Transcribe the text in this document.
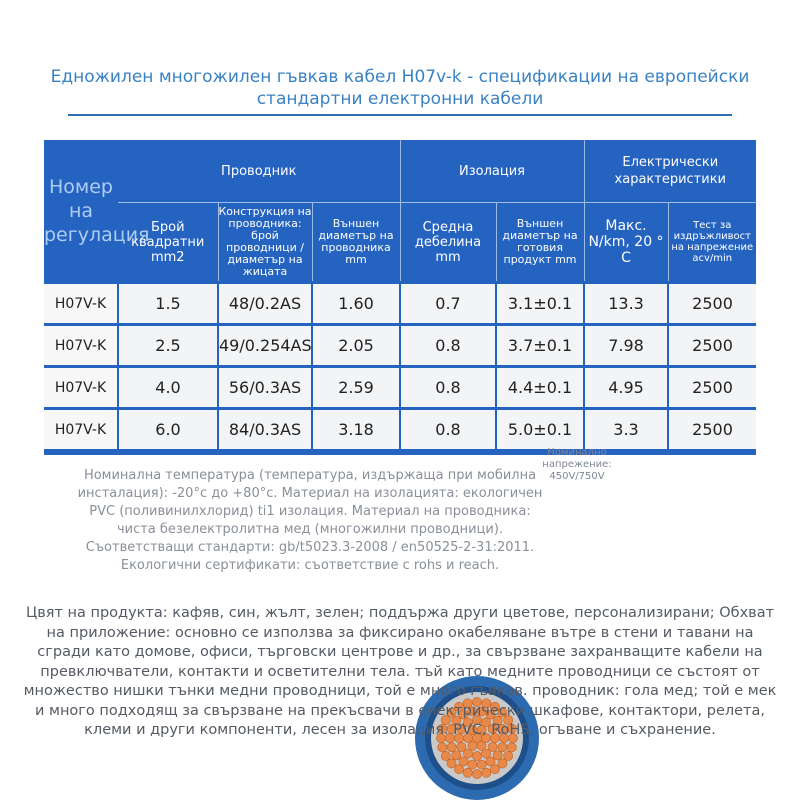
Едножилен многожилен гъвкав кабел H07v-k - спецификации на европейски
стандартни електронни кабели
Номер на регулация	Проводник			Изолация		Електрически характеристики	
	Брой квадратни mm2	Конструкция на проводника: брой проводници / диаметър на жицата	Външен диаметър на проводника mm	Средна дебелина mm	Външен диаметър на готовия продукт mm	Макс. N/km, 20 ° C	Тест за издръжливост на напрежение acv/min
H07V-K	1.5	48/0.2AS	1.60	0.7	3.1±0.1	13.3	2500
H07V-K	2.5	49/0.254AS	2.05	0.8	3.7±0.1	7.98	2500
H07V-K	4.0	56/0.3AS	2.59	0.8	4.4±0.1	4.95	2500
H07V-K	6.0	84/0.3AS	3.18	0.8	5.0±0.1	3.3	2500

Номинално
напрежение:
450V/750V
Номинална температура (температура, издържаща при мобилна
инсталация): -20°c до +80°c. Материал на изолацията: екологичен
PVC (поливинилхлорид) ti1 изолация. Материал на проводника:
чиста безелектролитна мед (многожилни проводници).
Съответстващи стандарти: gb/t5023.3-2008 / en50525-2-31:2011.
Екологични сертификати: съответствие с rohs и reach.
Цвят на продукта: кафяв, син, жълт, зелен; поддържа други цветове, персонализирани; Обхват
на приложение: основно се използва за фиксирано окабеляване вътре в стени и тавани на
сгради като домове, офиси, търговски центрове и др., за свързване захранващите кабели на
превключватели, контакти и осветителни тела. тъй като медните проводници се състоят от
множество нишки тънки медни проводници, той е много гъвкав. проводник: гола мед; той е мек
и много подходящ за свързване на прекъсвачи в електрически шкафове, контактори, релета,
клеми и други компоненти, лесен за изолация. PVC, RoHS, огъване и съхранение.
